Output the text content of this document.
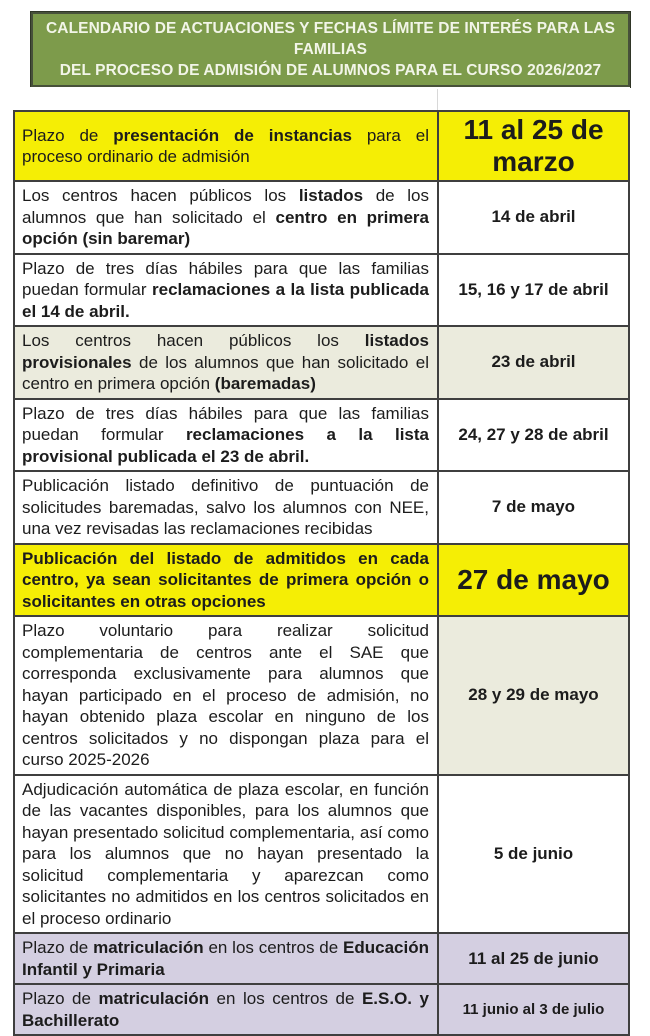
CALENDARIO DE ACTUACIONES Y FECHAS LÍMITE DE INTERÉS PARA LAS FAMILIAS
DEL PROCESO DE ADMISIÓN DE ALUMNOS PARA EL CURSO 2026/2027
Plazo de presentación de instancias para el proceso ordinario de admisión
11 al 25 de marzo
Los centros hacen públicos los listados de los alumnos que han solicitado el centro en primera opción (sin baremar)
14 de abril
Plazo de tres días hábiles para que las familias puedan formular reclamaciones a la lista publicada el 14 de abril.
15, 16 y 17 de abril
Los centros hacen públicos los listados provisionales de los alumnos que han solicitado el centro en primera opción (baremadas)
23 de abril
Plazo de tres días hábiles para que las familias puedan formular reclamaciones a la lista provisional publicada el 23 de abril.
24, 27 y 28 de abril
Publicación listado definitivo de puntuación de solicitudes baremadas, salvo los alumnos con NEE, una vez revisadas las reclamaciones recibidas
7 de mayo
Publicación del listado de admitidos en cada centro, ya sean solicitantes de primera opción o solicitantes en otras opciones
27 de mayo
Plazo voluntario para realizar solicitud complementaria de centros ante el SAE que corresponda exclusivamente para alumnos que hayan participado en el proceso de admisión, no hayan obtenido plaza escolar en ninguno de los centros solicitados y no dispongan plaza para el curso 2025-2026
28 y 29 de mayo
Adjudicación automática de plaza escolar, en función de las vacantes disponibles, para los alumnos que hayan presentado solicitud complementaria, así como para los alumnos que no hayan presentado la solicitud complementaria y aparezcan como solicitantes no admitidos en los centros solicitados en el proceso ordinario
5 de junio
Plazo de matriculación en los centros de Educación Infantil y Primaria
11 al 25 de junio
Plazo de matriculación en los centros de E.S.O. y Bachillerato
11 junio al 3 de julio
